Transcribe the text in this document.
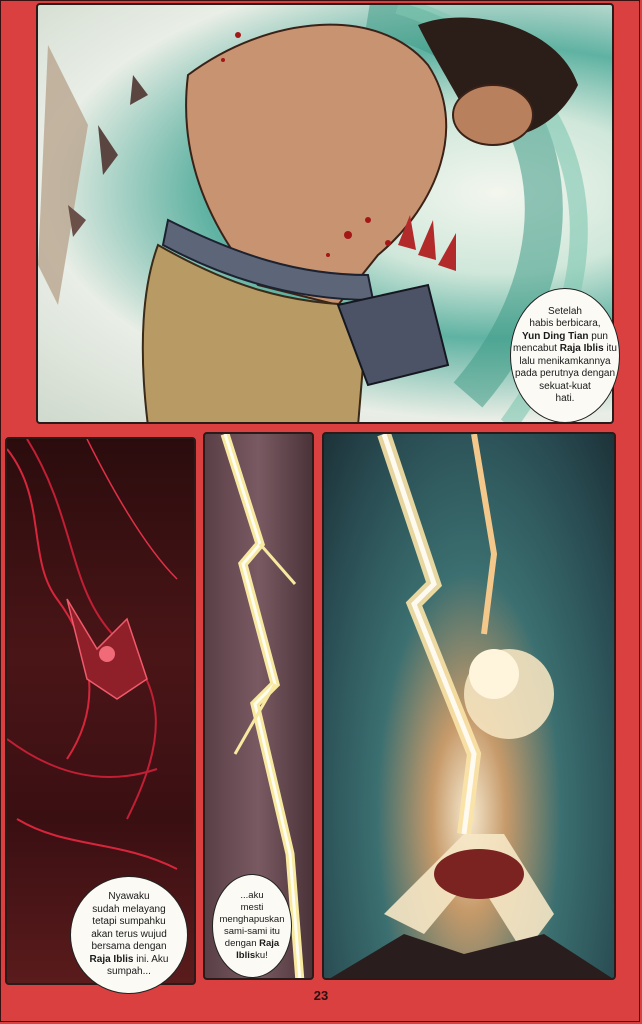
Setelah
habis berbicara,
Yun Ding Tian pun
mencabut Raja Iblis itu
lalu menikamkannya
pada perutnya dengan
sekuat-kuat
hati.
Nyawaku
sudah melayang
tetapi sumpahku
akan terus wujud
bersama dengan
Raja Iblis ini. Aku
sumpah...
...aku
mesti
menghapuskan
sami-sami itu
dengan Raja
Iblisku!
23
